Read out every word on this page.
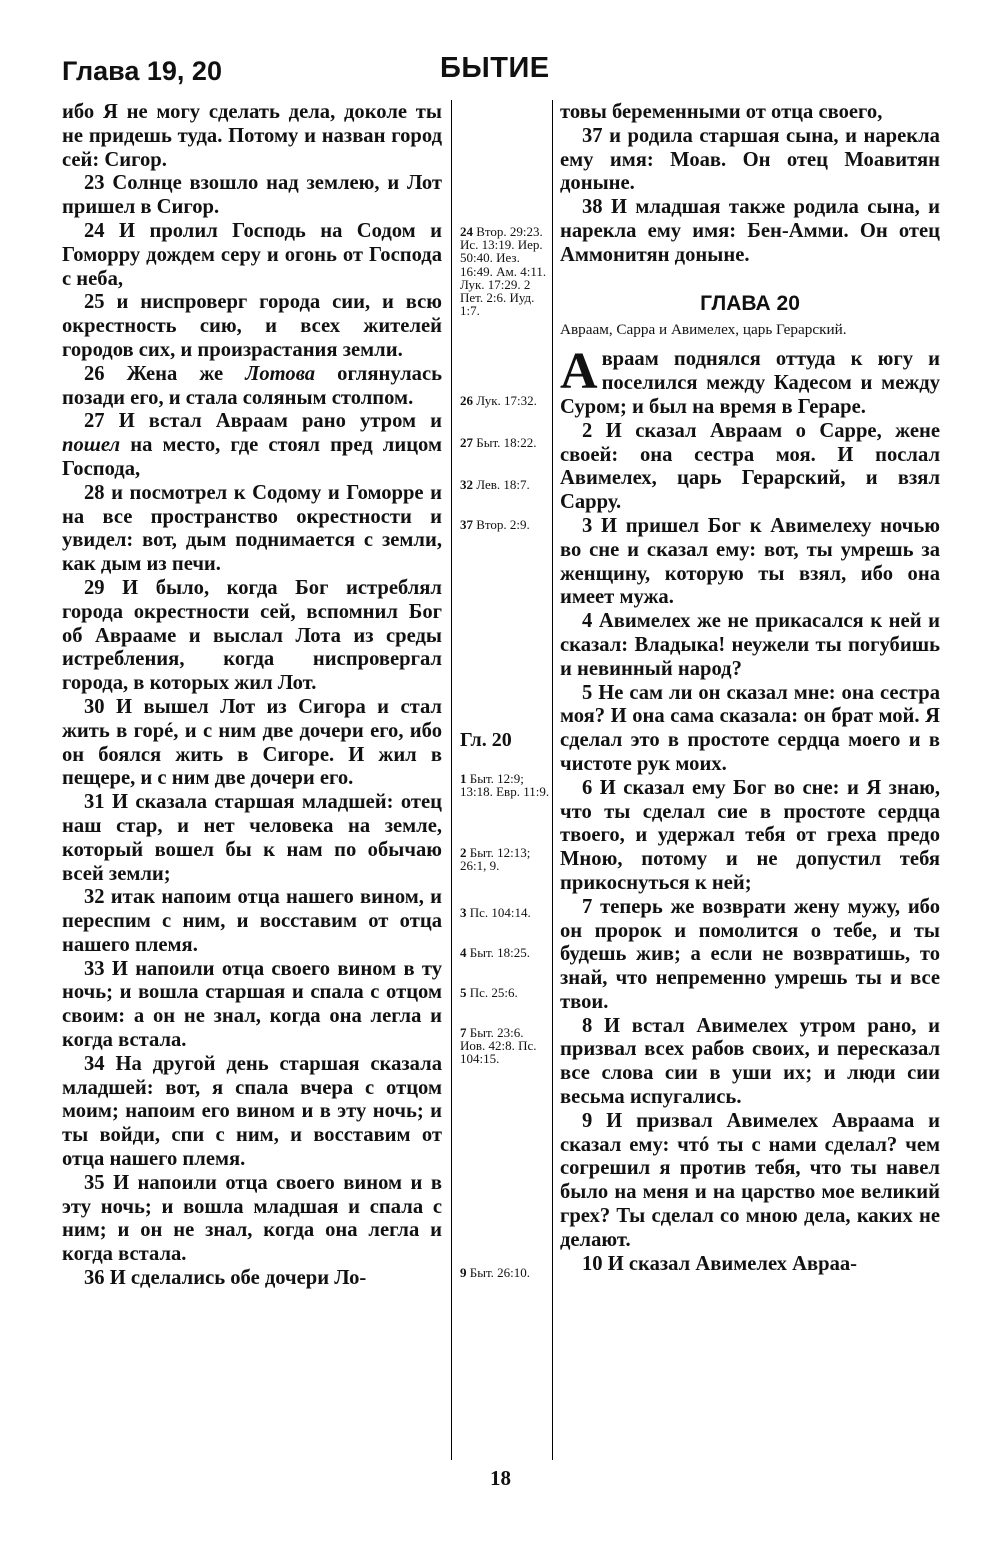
Глава 19, 20	БЫТИЕ

ибо Я не могу сделать дела, доколе ты не придешь туда. Потому и назван город сей: Сигор.

23 Солнце взошло над землею, и Лот пришел в Сигор.

24 И пролил Господь на Содом и Гоморру дождем серу и огонь от Господа с неба,

25 и ниспроверг города сии, и всю окрестность сию, и всех жителей городов сих, и произрастания земли.

26 Жена же Лотова оглянулась позади его, и стала соляным столпом.

27 И встал Авраам рано утром и пошел на место, где стоял пред лицом Господа,

28 и посмотрел к Содому и Гоморре и на все пространство окрестности и увидел: вот, дым поднимается с земли, как дым из печи.

29 И было, когда Бог истреблял города окрестности сей, вспомнил Бог об Аврааме и выслал Лота из среды истребления, когда ниспровергал города, в которых жил Лот.

30 И вышел Лот из Сигора и стал жить в горé, и с ним две дочери его, ибо он боялся жить в Сигоре. И жил в пещере, и с ним две дочери его.

31 И сказала старшая младшей: отец наш стар, и нет человека на земле, который вошел бы к нам по обычаю всей земли;

32 итак напоим отца нашего вином, и переспим с ним, и восставим от отца нашего племя.

33 И напоили отца своего вином в ту ночь; и вошла старшая и спала с отцом своим: а он не знал, когда она легла и когда встала.

34 На другой день старшая сказала младшей: вот, я спала вчера с отцом моим; напоим его вином и в эту ночь; и ты войди, спи с ним, и восставим от отца нашего племя.

35 И напоили отца своего вином и в эту ночь; и вошла младшая и спала с ним; и он не знал, когда она легла и когда встала.

36 И сделались обе дочери Ло-

24 Втор. 29:23. Ис. 13:19. Иер. 50:40. Иез. 16:49. Ам. 4:11. Лук. 17:29. 2 Пет. 2:6. Иуд. 1:7.
26 Лук. 17:32.
27 Быт. 18:22.
32 Лев. 18:7.
37 Втор. 2:9.
Гл. 20
1 Быт. 12:9; 13:18. Евр. 11:9.
2 Быт. 12:13; 26:1, 9.
3 Пс. 104:14.
4 Быт. 18:25.
5 Пс. 25:6.
7 Быт. 23:6. Иов. 42:8. Пс. 104:15.
9 Быт. 26:10.

товы беременными от отца своего,

37 и родила старшая сына, и нарекла ему имя: Моав. Он отец Моавитян доныне.

38 И младшая также родила сына, и нарекла ему имя: Бен-Амми. Он отец Аммонитян доныне.

ГЛАВА 20

Авраам, Сарра и Авимелех, царь Герарский.

Авраам поднялся оттуда к югу и поселился между Кадесом и между Суром; и был на время в Гераре.

2 И сказал Авраам о Сарре, жене своей: она сестра моя. И послал Авимелех, царь Герарский, и взял Сарру.

3 И пришел Бог к Авимелеху ночью во сне и сказал ему: вот, ты умрешь за женщину, которую ты взял, ибо она имеет мужа.

4 Авимелех же не прикасался к ней и сказал: Владыка! неужели ты погубишь и невинный народ?

5 Не сам ли он сказал мне: она сестра моя? И она сама сказала: он брат мой. Я сделал это в простоте сердца моего и в чистоте рук моих.

6 И сказал ему Бог во сне: и Я знаю, что ты сделал сие в простоте сердца твоего, и удержал тебя от греха предо Мною, потому и не допустил тебя прикоснуться к ней;

7 теперь же возврати жену мужу, ибо он пророк и помолится о тебе, и ты будешь жив; а если не возвратишь, то знай, что непременно умрешь ты и все твои.

8 И встал Авимелех утром рано, и призвал всех рабов своих, и пересказал все слова сии в уши их; и люди сии весьма испугались.

9 И призвал Авимелех Авраама и сказал ему: чтó ты с нами сделал? чем согрешил я против тебя, что ты навел было на меня и на царство мое великий грех? Ты сделал со мною дела, каких не делают.

10 И сказал Авимелех Авраа-

18
